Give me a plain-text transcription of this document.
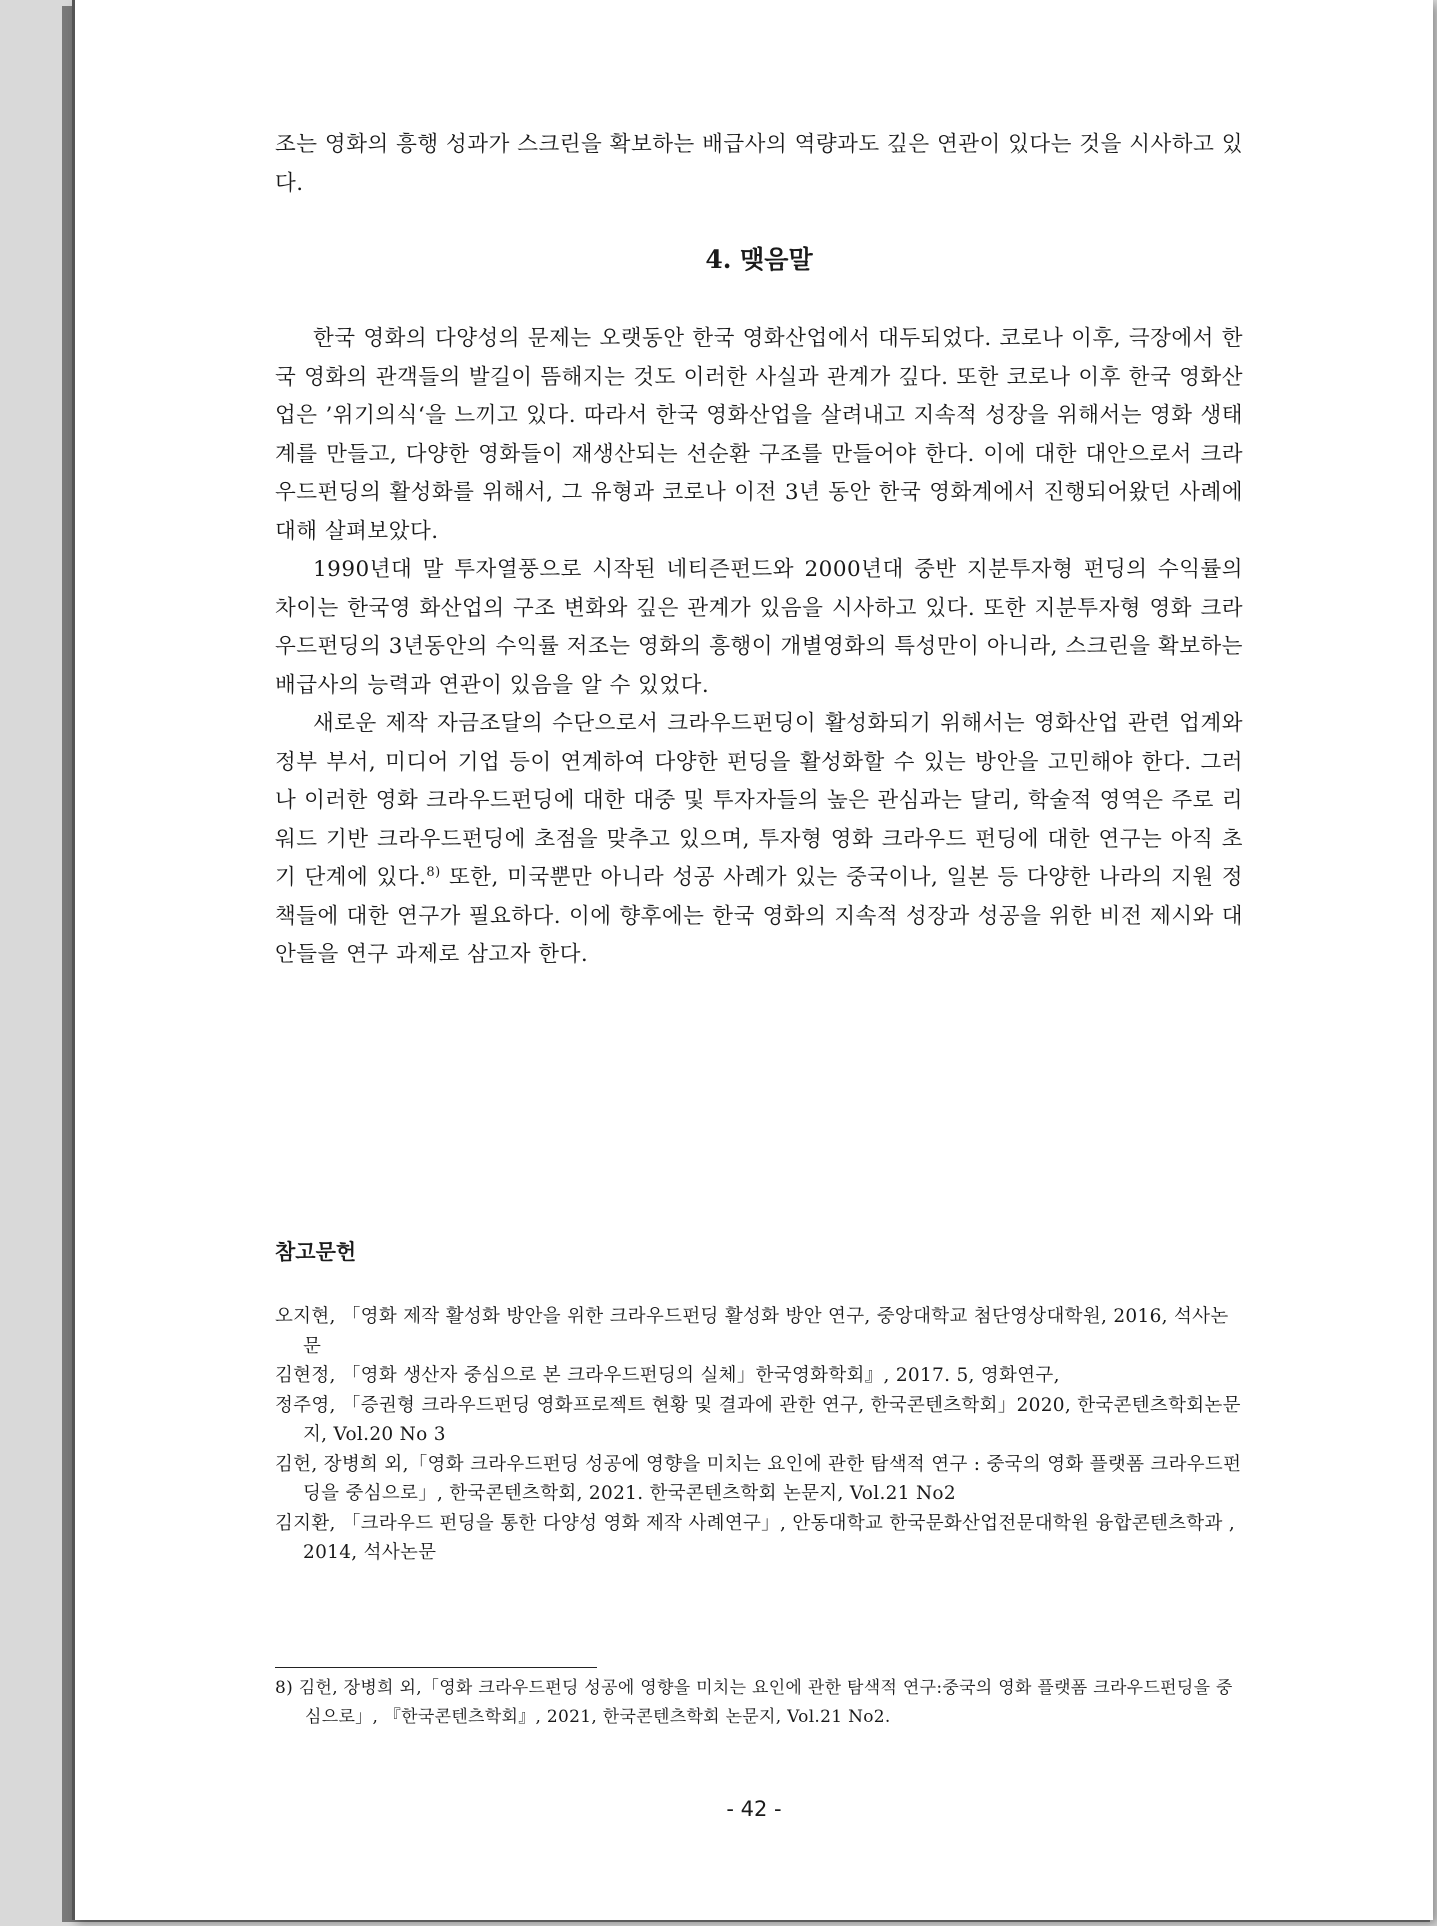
조는 영화의 흥행 성과가 스크린을 확보하는 배급사의 역량과도 깊은 연관이 있다는 것을 시사하고 있다.

4. 맺음말

한국 영화의 다양성의 문제는 오랫동안 한국 영화산업에서 대두되었다. 코로나 이후, 극장에서 한국 영화의 관객들의 발길이 뜸해지는 것도 이러한 사실과 관계가 깊다. 또한 코로나 이후 한국 영화산업은 ’위기의식‘을 느끼고 있다. 따라서 한국 영화산업을 살려내고 지속적 성장을 위해서는 영화 생태계를 만들고, 다양한 영화들이 재생산되는 선순환 구조를 만들어야 한다. 이에 대한 대안으로서 크라우드펀딩의 활성화를 위해서, 그 유형과 코로나 이전 3년 동안 한국 영화계에서 진행되어왔던 사례에 대해 살펴보았다.

1990년대 말 투자열풍으로 시작된 네티즌펀드와 2000년대 중반 지분투자형 펀딩의 수익률의 차이는 한국영 화산업의 구조 변화와 깊은 관계가 있음을 시사하고 있다. 또한 지분투자형 영화 크라우드펀딩의 3년동안의 수익률 저조는 영화의 흥행이 개별영화의 특성만이 아니라, 스크린을 확보하는 배급사의 능력과 연관이 있음을 알 수 있었다.

새로운 제작 자금조달의 수단으로서 크라우드펀딩이 활성화되기 위해서는 영화산업 관련 업계와 정부 부서, 미디어 기업 등이 연계하여 다양한 펀딩을 활성화할 수 있는 방안을 고민해야 한다. 그러나 이러한 영화 크라우드펀딩에 대한 대중 및 투자자들의 높은 관심과는 달리, 학술적 영역은 주로 리워드 기반 크라우드펀딩에 초점을 맞추고 있으며, 투자형 영화 크라우드 펀딩에 대한 연구는 아직 초기 단계에 있다.$^{8)}$ 또한, 미국뿐만 아니라 성공 사례가 있는 중국이나, 일본 등 다양한 나라의 지원 정책들에 대한 연구가 필요하다. 이에 향후에는 한국 영화의 지속적 성장과 성공을 위한 비전 제시와 대안들을 연구 과제로 삼고자 한다.

참고문헌

오지현, 「영화 제작 활성화 방안을 위한 크라우드펀딩 활성화 방안 연구, 중앙대학교 첨단영상대학원, 2016, 석사논문

김현정, 「영화 생산자 중심으로 본 크라우드펀딩의 실체」한국영화학회』, 2017. 5, 영화연구,

정주영, 「증권형 크라우드펀딩 영화프로젝트 현황 및 결과에 관한 연구, 한국콘텐츠학회」2020, 한국콘텐츠학회논문지, Vol.20 No 3

김헌, 장병희 외,「영화 크라우드펀딩 성공에 영향을 미치는 요인에 관한 탐색적 연구 : 중국의 영화 플랫폼 크라우드펀딩을 중심으로」, 한국콘텐츠학회, 2021. 한국콘텐츠학회 논문지, Vol.21 No2

김지환, 「크라우드 펀딩을 통한 다양성 영화 제작 사례연구」, 안동대학교 한국문화산업전문대학원 융합콘텐츠학과 , 2014, 석사논문

8) 김헌, 장병희 외,「영화 크라우드펀딩 성공에 영향을 미치는 요인에 관한 탐색적 연구:중국의 영화 플랫폼 크라우드펀딩을 중심으로」, 『한국콘텐츠학회』, 2021, 한국콘텐츠학회 논문지, Vol.21 No2.
- 42 -
